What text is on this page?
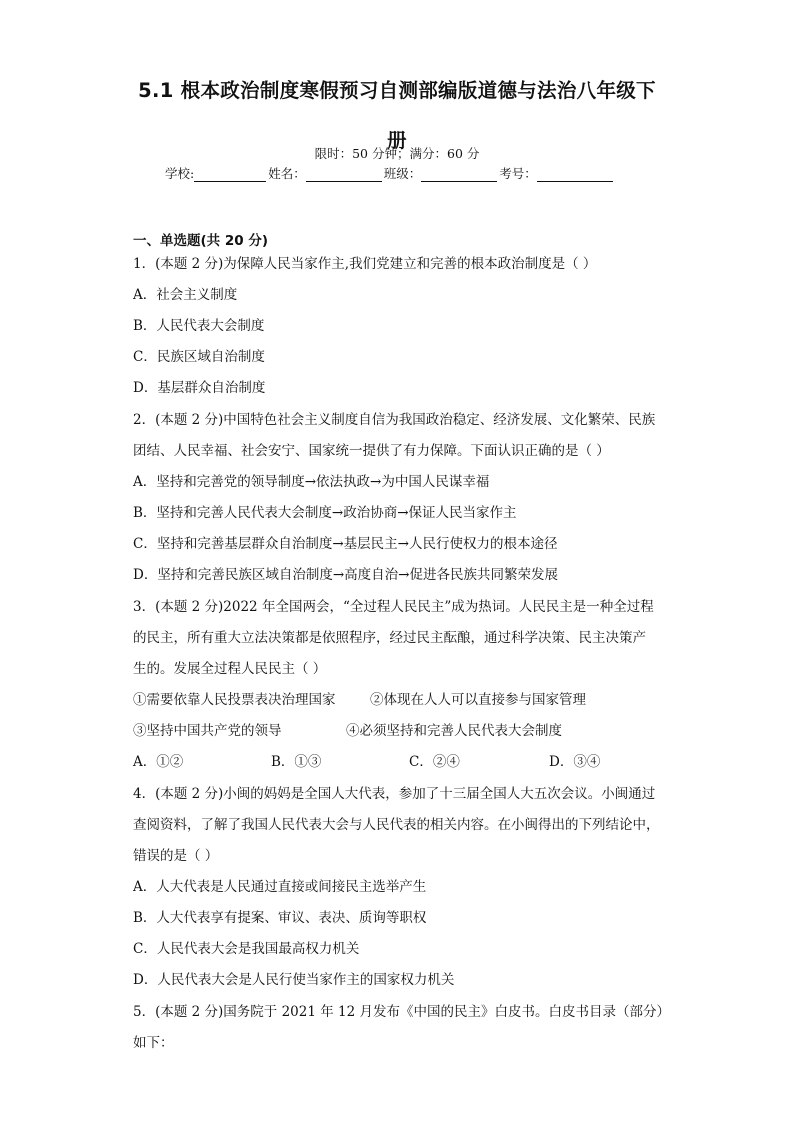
5.1 根本政治制度寒假预习自测部编版道德与法治八年级下
册
限时：50 分钟；满分：60 分
学校:	姓名：	班级：	考号：
一、单选题(共 20 分)
1．(本题 2 分)为保障人民当家作主,我们党建立和完善的根本政治制度是（ ）
A．社会主义制度
B．人民代表大会制度
C．民族区域自治制度
D．基层群众自治制度
2．(本题 2 分)中国特色社会主义制度自信为我国政治稳定、经济发展、文化繁荣、民族
团结、人民幸福、社会安宁、国家统一提供了有力保障。下面认识正确的是（ ）
A．坚持和完善党的领导制度→依法执政→为中国人民谋幸福
B．坚持和完善人民代表大会制度→政治协商→保证人民当家作主
C．坚持和完善基层群众自治制度→基层民主→人民行使权力的根本途径
D．坚持和完善民族区域自治制度→高度自治→促进各民族共同繁荣发展
3．(本题 2 分)2022 年全国两会，“全过程人民民主”成为热词。人民民主是一种全过程
的民主，所有重大立法决策都是依照程序，经过民主酝酿，通过科学决策、民主决策产
生的。发展全过程人民民主（ ）
①需要依靠人民投票表决治理国家	②体现在人人可以直接参与国家管理
③坚持中国共产党的领导	④必须坚持和完善人民代表大会制度
A．①②	B．①③	C．②④	D．③④
4．(本题 2 分)小闽的妈妈是全国人大代表，参加了十三届全国人大五次会议。小闽通过
查阅资料，了解了我国人民代表大会与人民代表的相关内容。在小闽得出的下列结论中，
错误的是（ ）
A．人大代表是人民通过直接或间接民主选举产生
B．人大代表享有提案、审议、表决、质询等职权
C．人民代表大会是我国最高权力机关
D．人民代表大会是人民行使当家作主的国家权力机关
5．(本题 2 分)国务院于 2021 年 12 月发布《中国的民主》白皮书。白皮书目录（部分）
如下：
